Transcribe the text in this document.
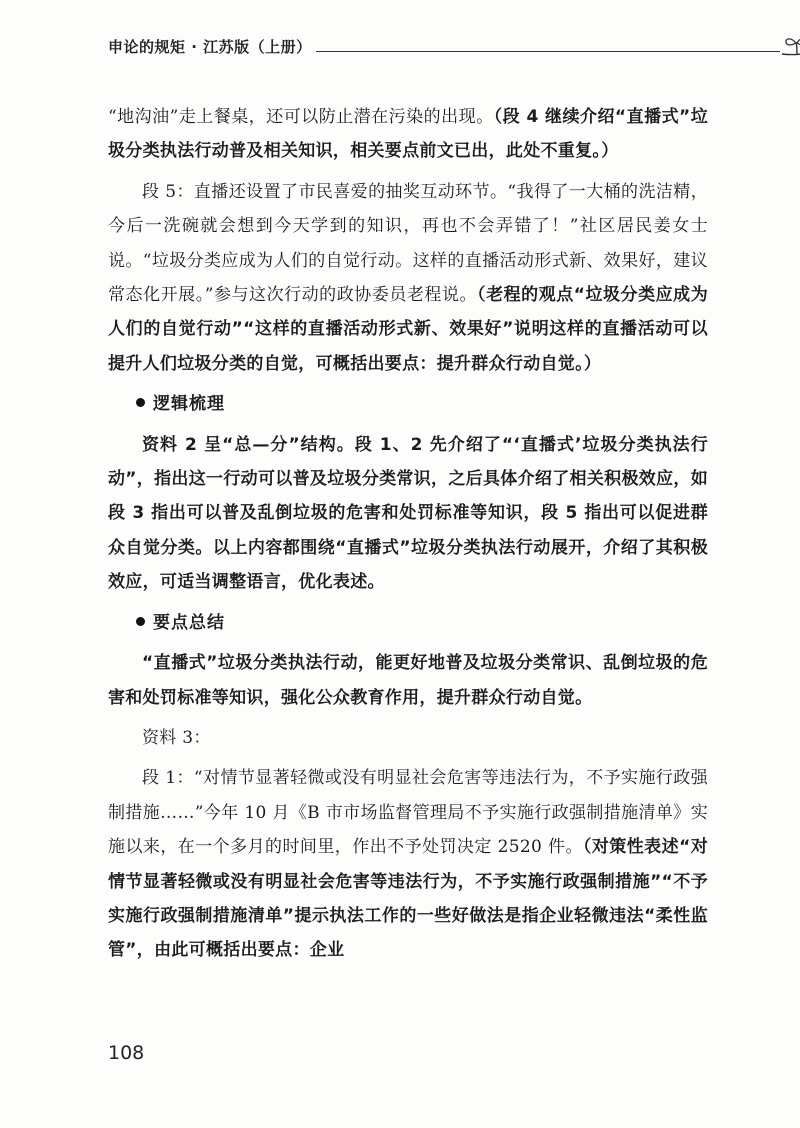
申论的规矩 · 江苏版（上册）

“地沟油”走上餐桌，还可以防止潜在污染的出现。（段 4 继续介绍“直播式”垃圾分类执法行动普及相关知识，相关要点前文已出，此处不重复。）

段 5：直播还设置了市民喜爱的抽奖互动环节。“我得了一大桶的洗洁精，今后一洗碗就会想到今天学到的知识，再也不会弄错了！”社区居民姜女士说。“垃圾分类应成为人们的自觉行动。这样的直播活动形式新、效果好，建议常态化开展。”参与这次行动的政协委员老程说。（老程的观点“垃圾分类应成为人们的自觉行动”“这样的直播活动形式新、效果好”说明这样的直播活动可以提升人们垃圾分类的自觉，可概括出要点：提升群众行动自觉。）

逻辑梳理

资料 2 呈“总—分”结构。段 1、2 先介绍了“‘直播式’垃圾分类执法行动”，指出这一行动可以普及垃圾分类常识，之后具体介绍了相关积极效应，如段 3 指出可以普及乱倒垃圾的危害和处罚标准等知识，段 5 指出可以促进群众自觉分类。以上内容都围绕“直播式”垃圾分类执法行动展开，介绍了其积极效应，可适当调整语言，优化表述。

要点总结

“直播式”垃圾分类执法行动，能更好地普及垃圾分类常识、乱倒垃圾的危害和处罚标准等知识，强化公众教育作用，提升群众行动自觉。

资料 3：

段 1：“对情节显著轻微或没有明显社会危害等违法行为，不予实施行政强制措施……”今年 10 月《B 市市场监督管理局不予实施行政强制措施清单》实施以来，在一个多月的时间里，作出不予处罚决定 2520 件。（对策性表述“对情节显著轻微或没有明显社会危害等违法行为，不予实施行政强制措施”“不予实施行政强制措施清单”提示执法工作的一些好做法是指企业轻微违法“柔性监管”，由此可概括出要点：企业

108
